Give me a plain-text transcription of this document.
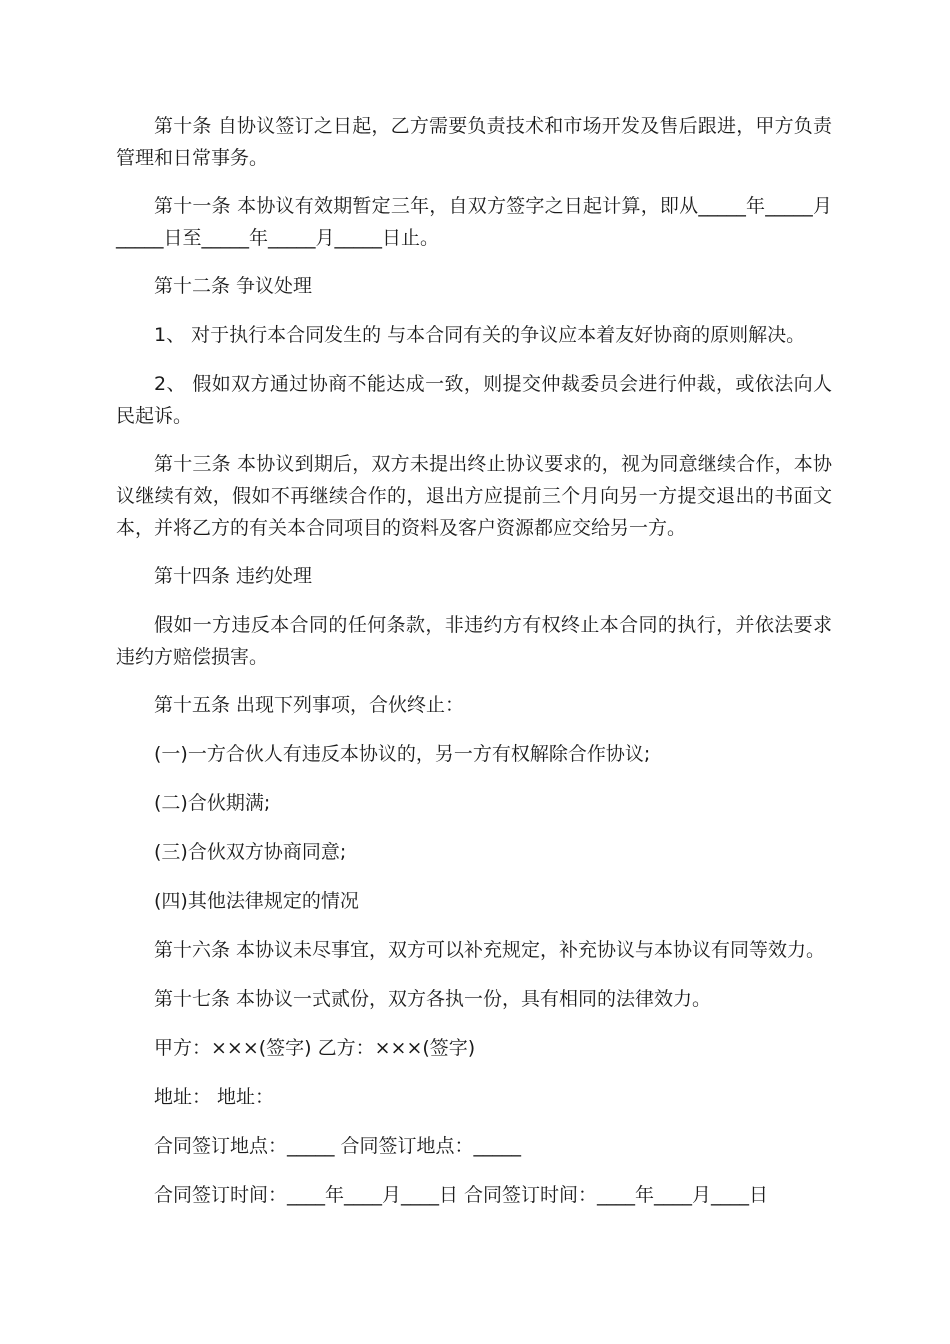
第十条 自协议签订之日起，乙方需要负责技术和市场开发及售后跟进，甲方负责管理和日常事务。

第十一条 本协议有效期暂定三年，自双方签字之日起计算，即从_____年_____月_____日至_____年_____月_____日止。

第十二条 争议处理

1、 对于执行本合同发生的 与本合同有关的争议应本着友好协商的原则解决。

2、 假如双方通过协商不能达成一致，则提交仲裁委员会进行仲裁，或依法向人民起诉。

第十三条 本协议到期后，双方未提出终止协议要求的，视为同意继续合作，本协议继续有效，假如不再继续合作的，退出方应提前三个月向另一方提交退出的书面文本，并将乙方的有关本合同项目的资料及客户资源都应交给另一方。

第十四条 违约处理

假如一方违反本合同的任何条款，非违约方有权终止本合同的执行，并依法要求违约方赔偿损害。

第十五条 出现下列事项，合伙终止：

(一)一方合伙人有违反本协议的，另一方有权解除合作协议;

(二)合伙期满;

(三)合伙双方协商同意;

(四)其他法律规定的情况

第十六条 本协议未尽事宜，双方可以补充规定，补充协议与本协议有同等效力。

第十七条 本协议一式贰份，双方各执一份，具有相同的法律效力。

甲方：×××(签字) 乙方：×××(签字)

地址： 地址：

合同签订地点：_____ 合同签订地点：_____

合同签订时间：____年____月____日 合同签订时间：____年____月____日
